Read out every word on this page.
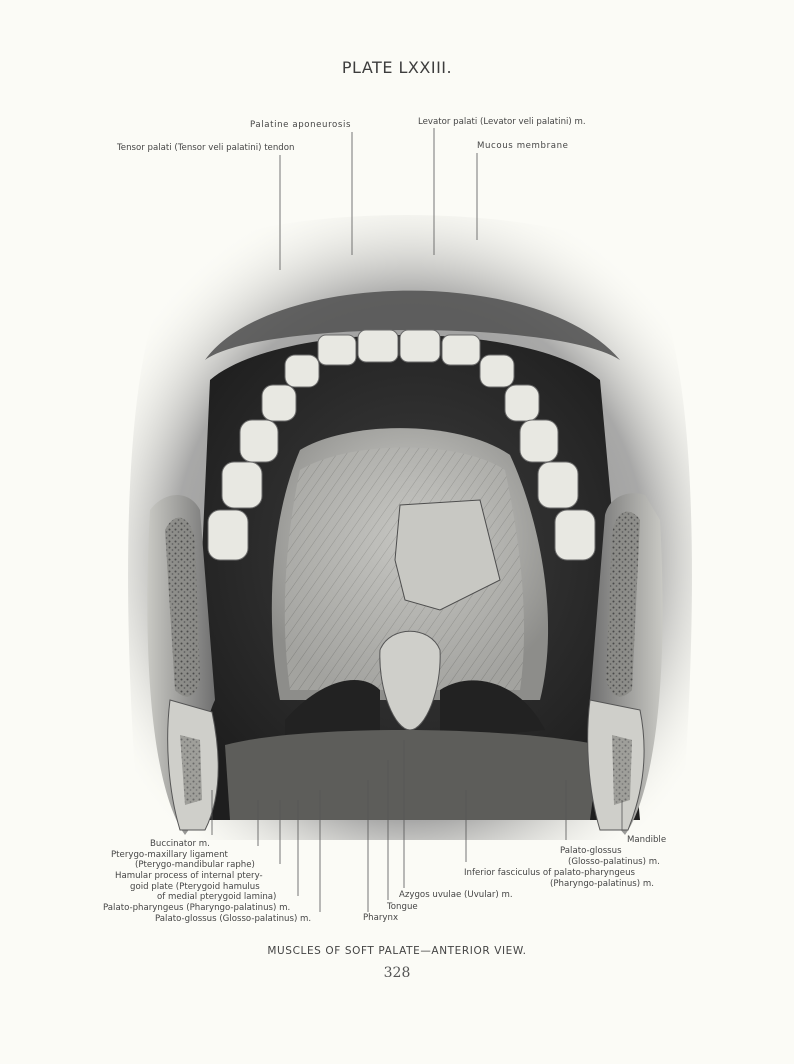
PLATE LXXIII.
Palatine aponeurosis	Levator palati (Levator veli palatini) m.
Tensor palati (Tensor veli palatini) tendon	Mucous membrane
Buccinator m.
Pterygo-maxillary ligament
(Pterygo-mandibular raphe)
Hamular process of internal ptery-
goid plate (Pterygoid hamulus
of medial pterygoid lamina)
Palato-pharyngeus (Pharyngo-palatinus) m.
Palato-glossus (Glosso-palatinus) m.	Pharynx
Tongue
Azygos uvulae (Uvular) m.
Inferior fasciculus of palato-pharyngeus
(Pharyngo-palatinus) m.
Palato-glossus
(Glosso-palatinus) m.
Mandible
MUSCLES OF SOFT PALATE—ANTERIOR VIEW.
328
